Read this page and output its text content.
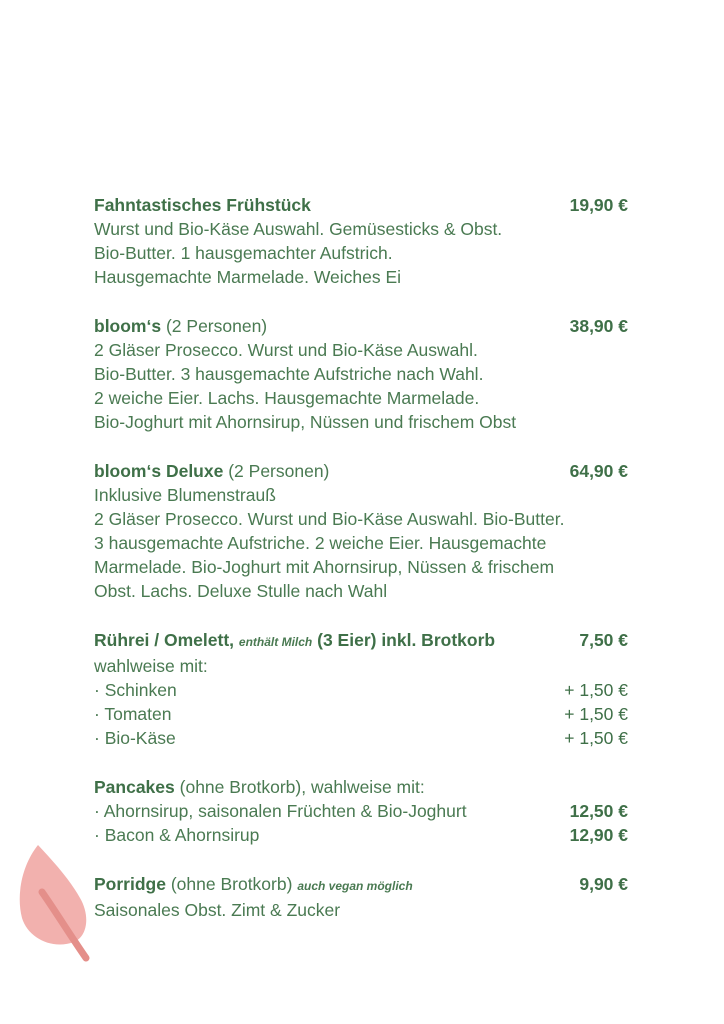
Fahntastisches Frühstück	19,90 €
Wurst und Bio-Käse Auswahl. Gemüsesticks & Obst.
Bio-Butter. 1 hausgemachter Aufstrich.
Hausgemachte Marmelade. Weiches Ei
bloom‘s (2 Personen)	38,90 €
2 Gläser Prosecco. Wurst und Bio-Käse Auswahl.
Bio-Butter. 3 hausgemachte Aufstriche nach Wahl.
2 weiche Eier. Lachs. Hausgemachte Marmelade.
Bio-Joghurt mit Ahornsirup, Nüssen und frischem Obst
bloom‘s Deluxe (2 Personen)	64,90 €
Inklusive Blumenstrauß
2 Gläser Prosecco. Wurst und Bio-Käse Auswahl. Bio-Butter.
3 hausgemachte Aufstriche. 2 weiche Eier. Hausgemachte
Marmelade. Bio-Joghurt mit Ahornsirup, Nüssen & frischem
Obst. Lachs. Deluxe Stulle nach Wahl
Rührei / Omelett, enthält Milch (3 Eier) inkl. Brotkorb	7,50 €
wahlweise mit:
· Schinken	+ 1,50 €
· Tomaten	+ 1,50 €
· Bio-Käse	+ 1,50 €
Pancakes (ohne Brotkorb), wahlweise mit:
· Ahornsirup, saisonalen Früchten & Bio-Joghurt	12,50 €
· Bacon & Ahornsirup	12,90 €
Porridge (ohne Brotkorb) auch vegan möglich	9,90 €
Saisonales Obst. Zimt & Zucker
